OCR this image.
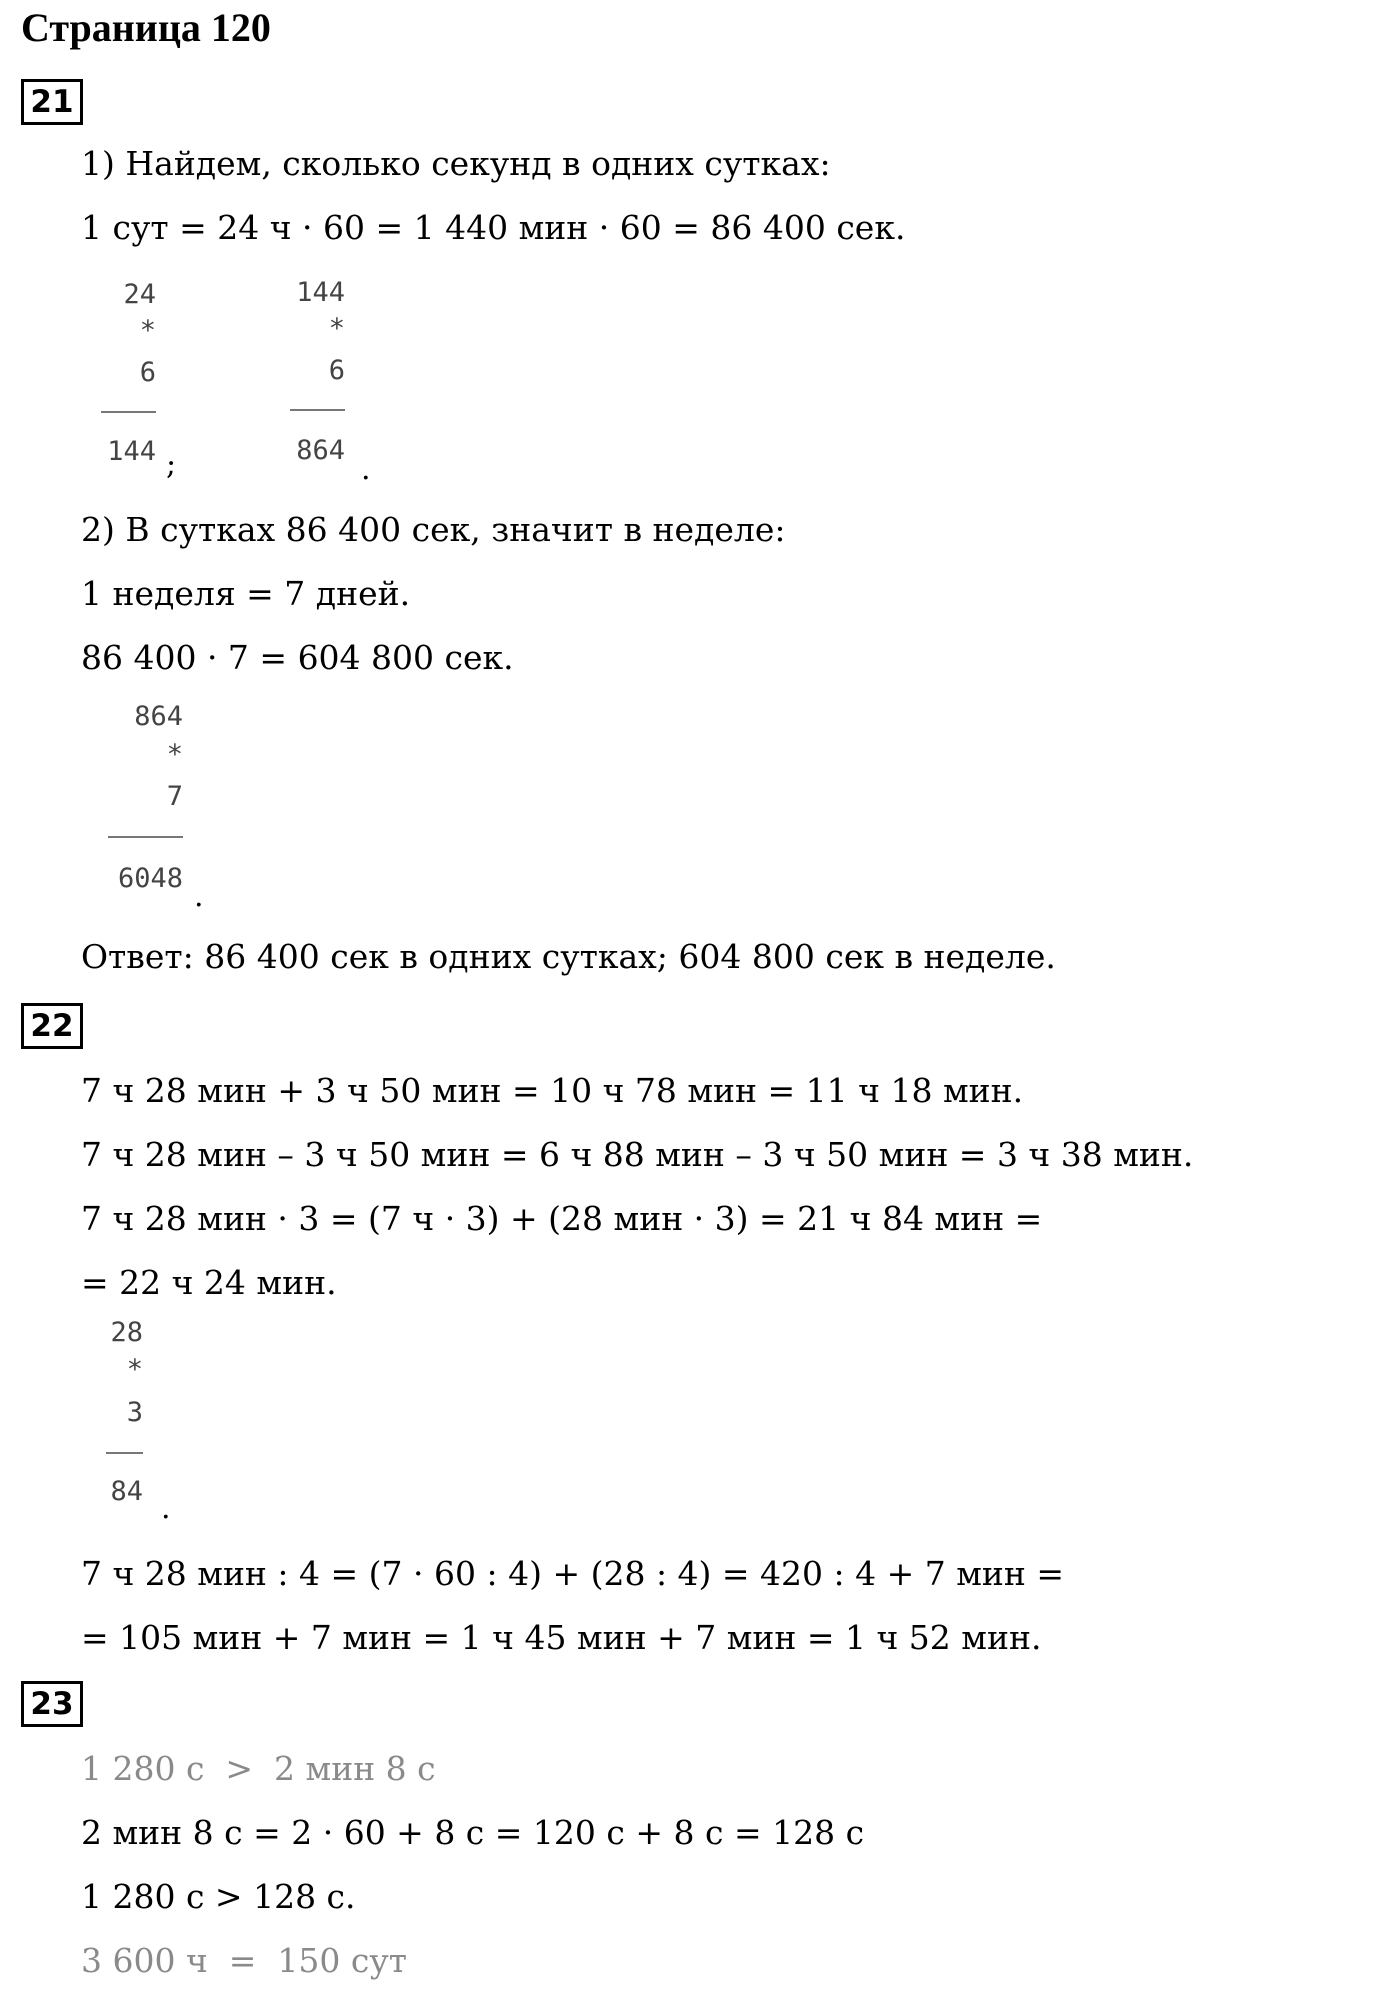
Страница 120
21
1) Найдем, сколько секунд в одних сутках:
1 сут = 24 ч · 60 = 1 440 мин · 60 = 86 400 сек.
24
*
6
144 ;
144
*
6
864
.
2) В сутках 86 400 сек, значит в неделе:
1 неделя = 7 дней.
86 400 · 7 = 604 800 сек.
864
*
7
6048
.
Ответ: 86 400 сек в одних сутках; 604 800 сек в неделе.
22
7 ч 28 мин + 3 ч 50 мин = 10 ч 78 мин = 11 ч 18 мин.
7 ч 28 мин – 3 ч 50 мин = 6 ч 88 мин – 3 ч 50 мин = 3 ч 38 мин.
7 ч 28 мин · 3 = (7 ч · 3) + (28 мин · 3) = 21 ч 84 мин =
= 22 ч 24 мин.
28
*
3
84 .
7 ч 28 мин : 4 = (7 · 60 : 4) + (28 : 4) = 420 : 4 + 7 мин =
= 105 мин + 7 мин = 1 ч 45 мин + 7 мин = 1 ч 52 мин.
23
1 280 с  >  2 мин 8 с
2 мин 8 с = 2 · 60 + 8 с = 120 с + 8 с = 128 с
1 280 с > 128 с.
3 600 ч  =  150 сут
